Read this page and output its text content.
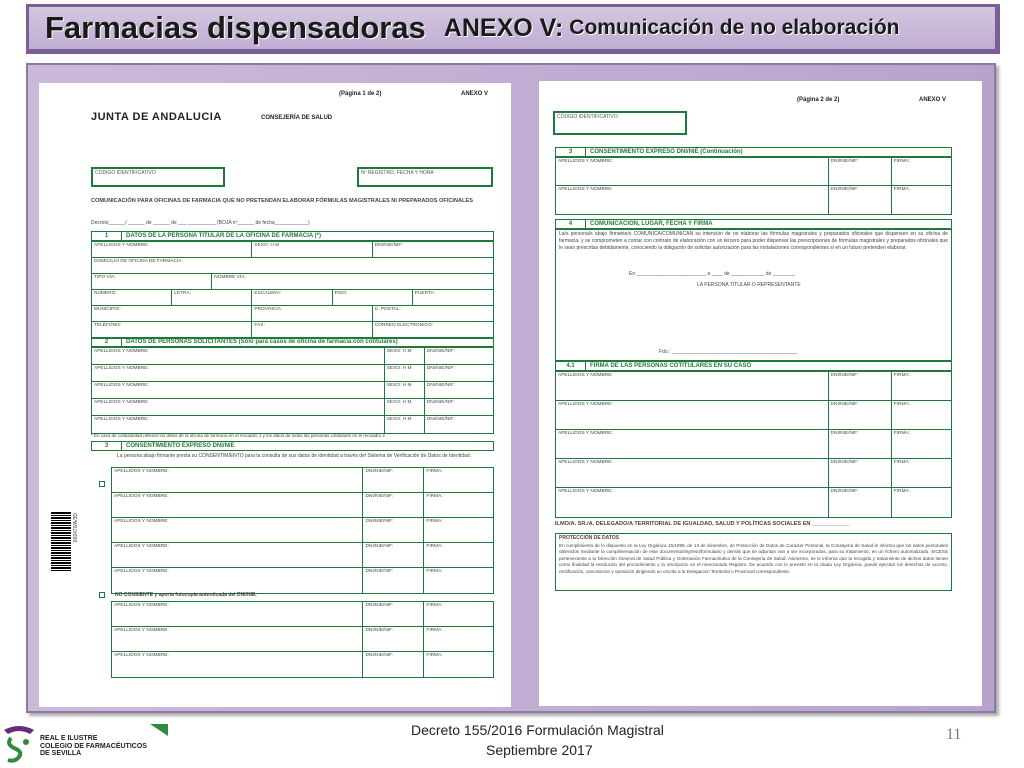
Farmacias dispensadoras ANEXO V: Comunicación de no elaboración
(Página 1 de 2)	ANEXO V
JUNTA DE ANDALUCIA	CONSEJERÍA DE SALUD
CÓDIGO IDENTIFICATIVO	Nº REGISTRO, FECHA Y HORA
COMUNICACIÓN PARA OFICINAS DE FARMACIA QUE NO PRETENDAN ELABORAR FÓRMULAS MAGISTRALES NI PREPARADOS OFICINALES
Decreto______/ ______ de ______ de ___ __________ (BOJA nº______ de fecha____________)
1	DATOS DE LA PERSONA TITULAR DE LA OFICINA DE FARMACIA (*)
APELLIDOS Y NOMBRE:	SEXO: H M	DNI/NIE/NIF:
DOMICILIO DE OFICINA DE FARMACIA:
TIPO VÍA:	NOMBRE VÍA:
NÚMERO:	LETRA:	ESCALERA:	PISO:	PUERTA:
MUNICIPIO:	PROVINCIA:	C. POSTAL:
TELÉFONO:	FAX:	CORREO ELECTRÓNICO:
2	DATOS DE PERSONAS SOLICITANTES (Sólo para casos de oficina de farmacia con cotitulares)
APELLIDOS Y NOMBRE:	SEXO: H M	DNI/NIE/NIF:
APELLIDOS Y NOMBRE:	SEXO: H M	DNI/NIE/NIF:
APELLIDOS Y NOMBRE:	SEXO: H M	DNI/NIE/NIF:
APELLIDOS Y NOMBRE:	SEXO: H M	DNI/NIE/NIF:
APELLIDOS Y NOMBRE:	SEXO: H M	DNI/NIE/NIF:
* En caso de cotitularidad rellenar los datos de la oficina de farmacia en el recuadro 1 y los datos de todas las personas cotitulares en el recuadro 2
3	CONSENTIMIENTO EXPRESO DNI/NIE
La persona abajo firmante presta su CONSENTIMIENTO para la consulta de sus datos de identidad a través del Sistema de Verificación de Datos de Identidad.
APELLIDOS Y NOMBRE:	DNI/NIE/NIF:	FIRMA:
APELLIDOS Y NOMBRE:	DNI/NIE/NIF:	FIRMA:
APELLIDOS Y NOMBRE:	DNI/NIE/NIF:	FIRMA:
APELLIDOS Y NOMBRE:	DNI/NIE/NIF:	FIRMA:
APELLIDOS Y NOMBRE:	DNI/NIE/NIF:	FIRMA:
NO CONSIENTE y aporta fotocopia autenticada del DNI/NIE.
APELLIDOS Y NOMBRE:	DNI/NIE/NIF:	FIRMA:
APELLIDOS Y NOMBRE:	DNI/NIE/NIF:	FIRMA:
APELLIDOS Y NOMBRE:	DNI/NIE/NIF:	FIRMA:
002470/A/3D
(Página 2 de 2)	ANEXO V
CÓDIGO IDENTIFICATIVO
3	CONSENTIMIENTO EXPRESO DNI/NIE (Continuación)
APELLIDOS Y NOMBRE:	DNI/NIE/NIF:	FIRMA:
APELLIDOS Y NOMBRE:	DNI/NIE/NIF:	FIRMA:
4	COMUNICACIÓN, LUGAR, FECHA Y FIRMA
La/s persona/s abajo firmante/s COMUNICA/COMUNICAN su intención de no elaborar las fórmulas magistrales y preparados oficinales que dispensen en su oficina de farmacia, y se comprometen a contar con contrato de elaboración con un tercero para poder dispensar las prescripciones de fórmulas magistrales y preparados oficinales que le sean prescritas debidamente, conociendo la obligación de solicitar autorización para las instalaciones correspondientes si en un futuro pretenden elaborar.
En _________________________ a ____ de ____________ de ________
LA PERSONA TITULAR O REPRESENTANTE
Fdo.: _____________________________________________
4.1	FIRMA DE LAS PERSONAS COTITULARES EN SU CASO
APELLIDOS Y NOMBRE:	DNI/NIE/NIF:	FIRMA:
APELLIDOS Y NOMBRE:	DNI/NIE/NIF:	FIRMA:
APELLIDOS Y NOMBRE:	DNI/NIE/NIF:	FIRMA:
APELLIDOS Y NOMBRE:	DNI/NIE/NIF:	FIRMA:
APELLIDOS Y NOMBRE:	DNI/NIE/NIF:	FIRMA:
ILMO/A. SR./A. DELEGADO/A TERRITORIAL DE IGUALDAD, SALUD Y POLÍTICAS SOCIALES EN ____________
PROTECCIÓN DE DATOS
En cumplimiento de lo dispuesto en la Ley Orgánica 15/1999, de 13 de diciembre, de Protección de Datos de Carácter Personal, la Consejería de Salud le informa que los datos personales obtenidos mediante la cumplimentación de este documento/impreso/formulario y demás que se adjuntan van a ser incorporados, para su tratamiento, en un fichero automatizado. SICESS perteneciente a la Dirección General de Salud Pública y Ordenación Farmacéutica de la Consejería de Salud. Asimismo, se le informa que la recogida y tratamiento de dichos datos tienen como finalidad la resolución del procedimiento y la inscripción en el mencionado Registro. De acuerdo con lo previsto en la citada Ley Orgánica, puede ejercitar los derechos de acceso, rectificación, cancelación y oposición dirigiendo un escrito a la Delegación Territorial o Provincial correspondiente.
REAL E ILUSTRE
COLEGIO DE FARMACÉUTICOS
DE SEVILLA
Decreto 155/2016 Formulación Magistral
Septiembre 2017
11
